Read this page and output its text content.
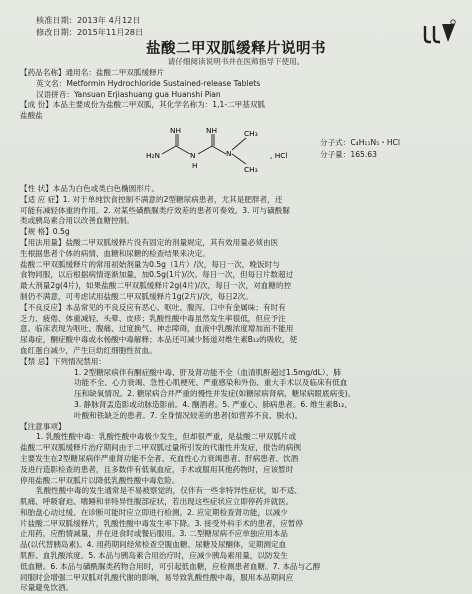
核准日期：2013年 4月12日
修改日期：2015年11月28日
盐酸二甲双胍缓释片说明书
请仔细阅读说明书并在医师指导下使用。

【药品名称】通用名：盐酸二甲双胍缓释片

英文名：Metformin Hydrochloride Sustained-release Tablets

汉语拼音：Yansuan Erjiashuang gua Huanshi Pian

【成 份】本品主要成份为盐酸二甲双胍，其化学名称为：1,1-二甲基双胍

盐酸盐

NH	NH
H₂N	N	N
H
CH₃
CH₃
, HCl
分子式：C₄H₁₁N₅・HCl
分子量：165.63

【性 状】本品为白色或类白色椭圆形片。

【适 应 症】1. 对于单纯饮食控制不满意的2型糖尿病患者，尤其是肥胖者，还

可能有减轻体重的作用。2. 对某些磺酰脲类疗效差的患者可奏效。3. 可与磺酰脲

类或胰岛素合用以改善血糖控制。

【规 格】0.5g

【用法用量】盐酸二甲双胍缓释片没有固定的剂量规定，其有效用量必须由医

生根据患者个体的病情、血糖和尿糖的检查结果来决定。

盐酸二甲双胍缓释片的常用初始剂量为0.5g（1片）/次，每日一次，晚饭时与

食物同服，以后根据病情逐渐加量，加0.5g(1片)/次。每日一次，但每日片数超过

最大剂量2g(4片)，如果盐酸二甲双胍缓释片2g(4片)/次，每日一次，对血糖的控

制仍不满意，可考虑试用盐酸二甲双胍缓释片1g(2片)/次，每日2次。

【不良反应】本品常见的不良反应有恶心、呕吐、腹泻、口中有金属味；有时有

乏力、疲倦、体重减轻、头晕、皮疹；乳酸性酸中毒虽然发生率很低，但应予注

意。临床表现为呕吐、腹痛、过度换气、神志障碍，血液中乳酸浓度增加而不能用

尿毒症，酮症酸中毒或水杨酸中毒解释；本品还可减少肠道对维生素B₁₂的吸收，使

血红蛋白减少，产生巨幼红细胞性贫血。

【禁 忌】下列情况禁用：

1. 2型糖尿病伴有酮症酸中毒、肝及肾功能不全（血清肌酐超过1.5mg/dL）、肺

功能不全、心力衰竭、急性心肌梗死、严重感染和外伤、重大手术以及临床有低血

压和缺氧情况。2. 糖尿病合并严重的慢性并发症(如糖尿病肾病、糖尿病眼底病变)。

3. 静脉肾盂造影或动脉造影前。4. 酗酒者。5. 严重心、肺病患者。6. 维生素B₁₂、

叶酸和铁缺乏的患者。7. 全身情况较差的患者(如营养不良、脱水)。

【注意事项】

1. 乳酸性酸中毒：乳酸性酸中毒极少发生，但却很严重，是盐酸二甲双胍片或

盐酸二甲双胍缓释片治疗期间由于二甲双胍过量所引发的代谢性并发症，报告的病例

主要发生在2型糖尿病伴严重肾功能不全者、充血性心力衰竭患者、肝病患者、饮酒

及进行造影检查的患者，且多数伴有低氧血症，手术或服用其他药物时，应该暂时

停用盐酸二甲双胍片以降低乳酸性酸中毒危险。

乳酸性酸中毒的发生通常是不易被察觉的，仅伴有一些非特异性症状，如不适、

肌痛、呼吸窘迫、嗜睡和非特异性腹部症状，若出现这些症状应立即停药并就医。

和胎盘心动过缓、在诊断可能时应立即进行检测。2. 应定期检查肾功能，以减少

片盐酸二甲双胍缓释片，乳酸性酸中毒发生率下降。3. 接受外科手术的患者，应暂停

止用药，应酌情减量，并在进食时或餐后服用。3. 二型糖尿病不应单独应用本品

品(以代替胰岛素)。4. 用药期间经常检查空腹血糖、尿糖及尿酮体，定期测定血

肌酐、血乳酸浓度。5. 本品与胰岛素合用治疗时，应减少胰岛素用量，以防发生

低血糖。6. 本品与磺酰脲类药物合用时，可引起低血糖，应检测患者血糖。7. 本品与乙醇

同服时会增强二甲双胍对乳酸代谢的影响，易导致乳酸性酸中毒，服用本品期间应

尽量避免饮酒。
